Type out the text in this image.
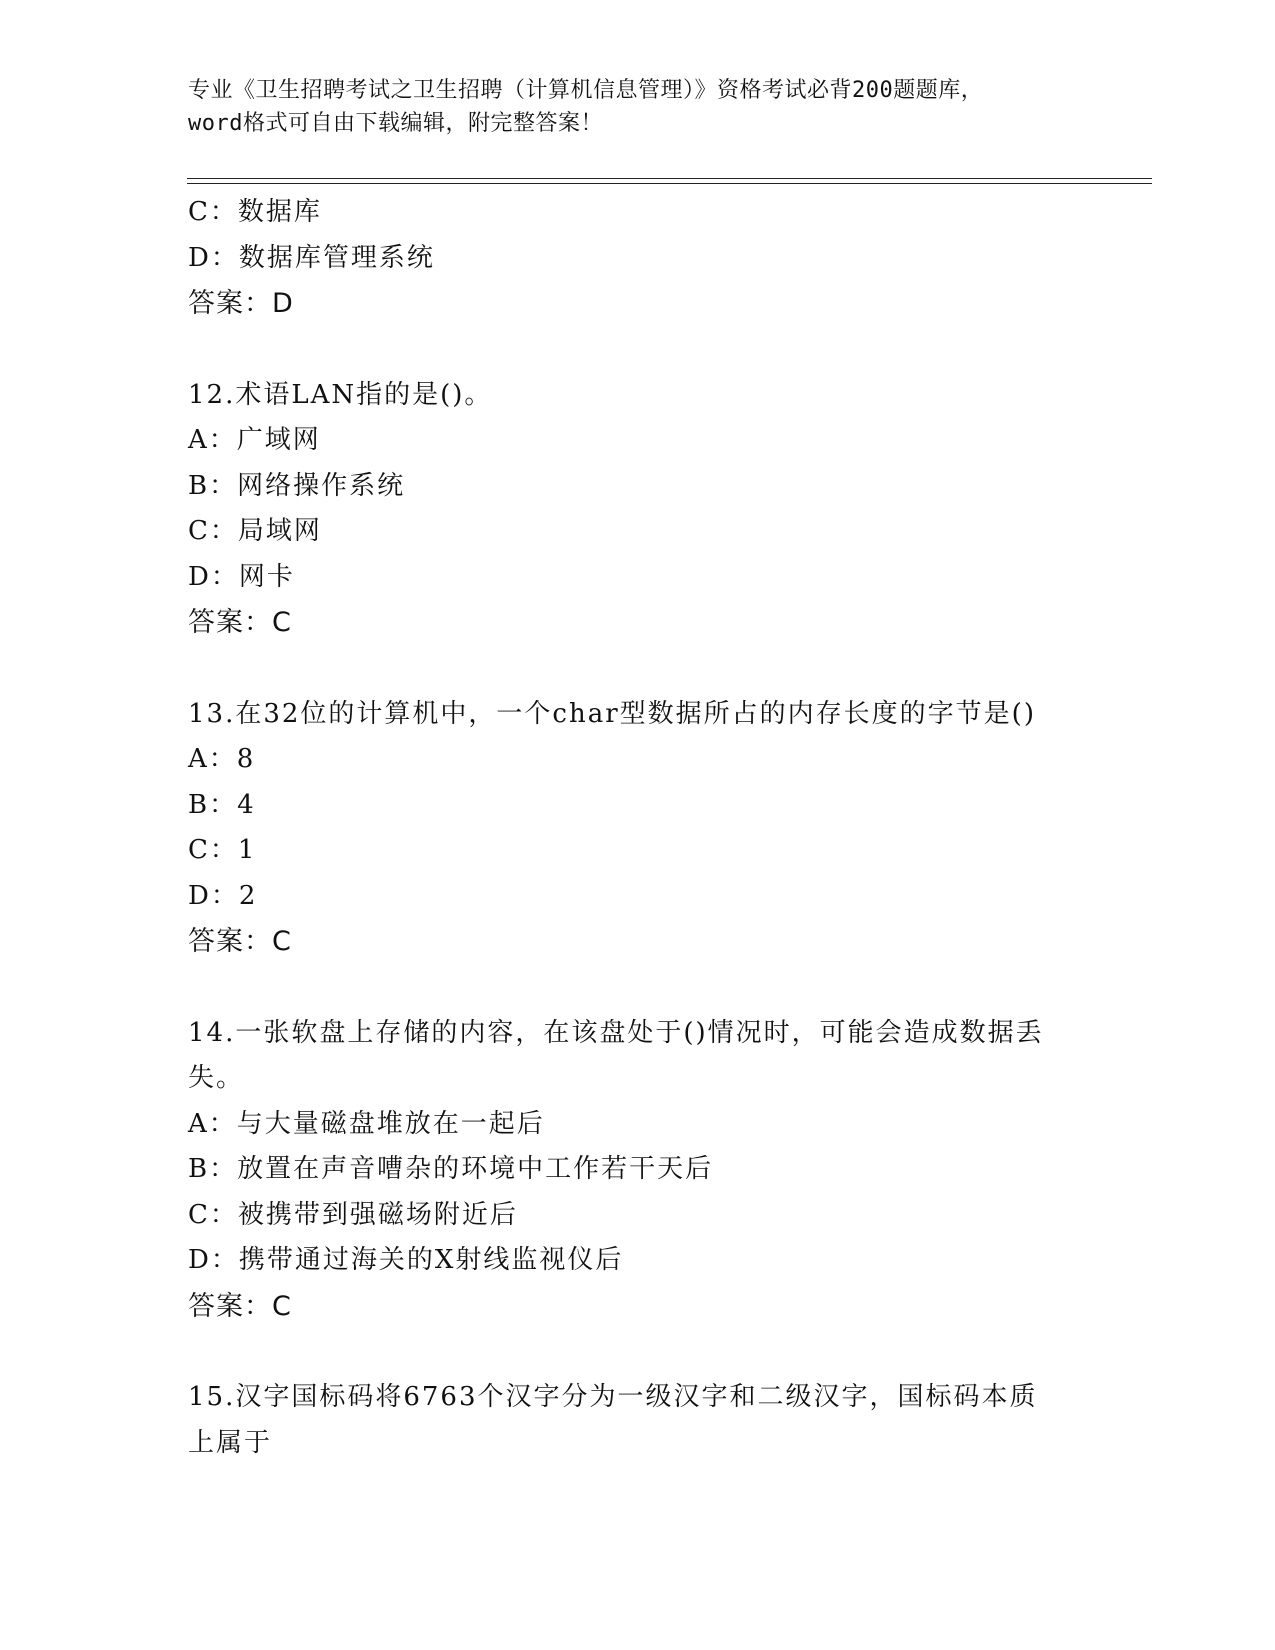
专业《卫生招聘考试之卫生招聘（计算机信息管理）》资格考试必背200题题库，
word格式可自由下载编辑，附完整答案！
C：数据库
D：数据库管理系统
答案：D
12.术语LAN指的是()。
A：广域网
B：网络操作系统
C：局域网
D：网卡
答案：C
13.在32位的计算机中，一个char型数据所占的内存长度的字节是()
A：8
B：4
C：1
D：2
答案：C
14.一张软盘上存储的内容，在该盘处于()情况时，可能会造成数据丢
失。
A：与大量磁盘堆放在一起后
B：放置在声音嘈杂的环境中工作若干天后
C：被携带到强磁场附近后
D：携带通过海关的X射线监视仪后
答案：C
15.汉字国标码将6763个汉字分为一级汉字和二级汉字，国标码本质
上属于
